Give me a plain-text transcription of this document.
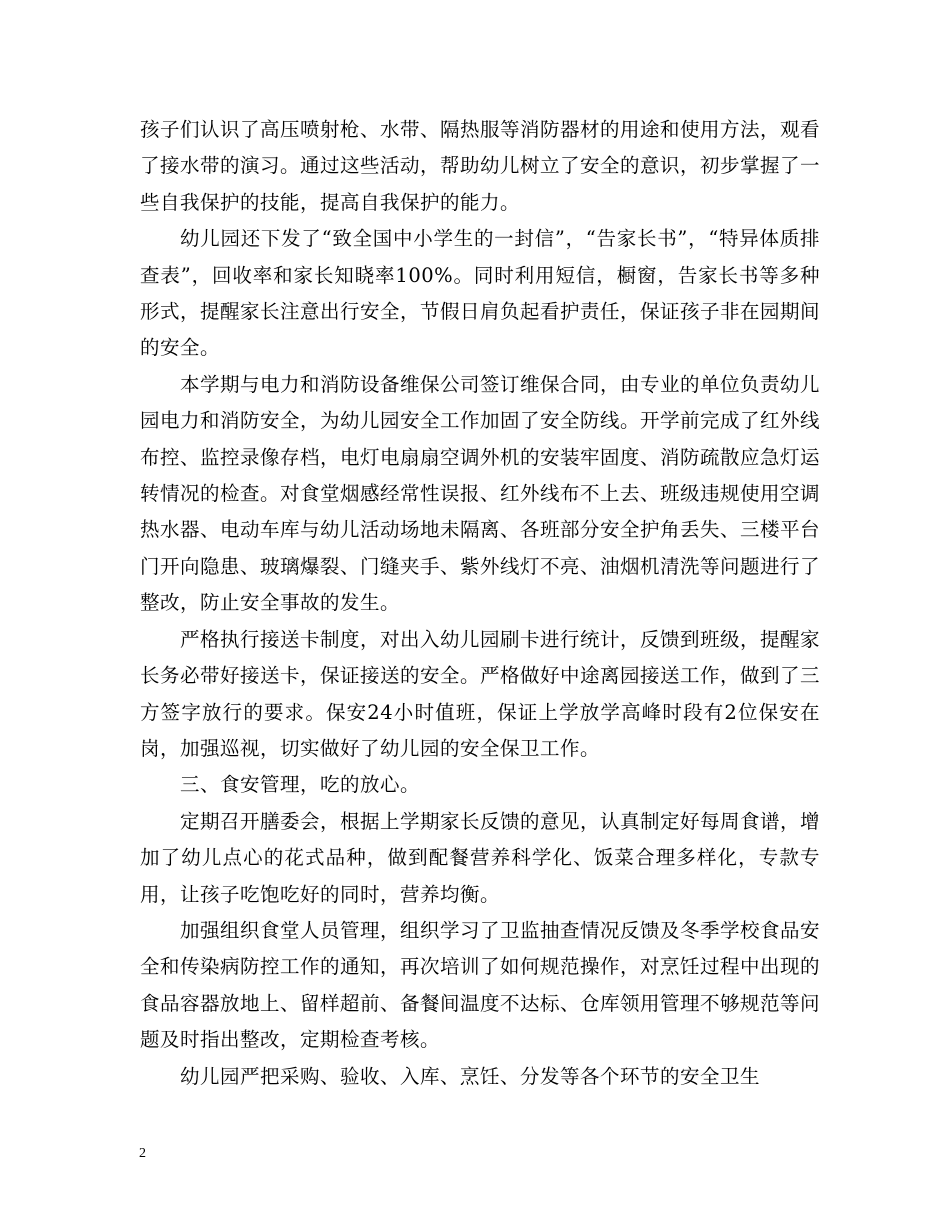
孩子们认识了高压喷射枪、水带、隔热服等消防器材的用途和使用方法，观看了接水带的演习。通过这些活动，帮助幼儿树立了安全的意识，初步掌握了一些自我保护的技能，提高自我保护的能力。

幼儿园还下发了“致全国中小学生的一封信”，“告家长书”，“特异体质排查表”，回收率和家长知晓率100%。同时利用短信，橱窗，告家长书等多种形式，提醒家长注意出行安全，节假日肩负起看护责任，保证孩子非在园期间的安全。

本学期与电力和消防设备维保公司签订维保合同，由专业的单位负责幼儿园电力和消防安全，为幼儿园安全工作加固了安全防线。开学前完成了红外线布控、监控录像存档，电灯电扇扇空调外机的安装牢固度、消防疏散应急灯运转情况的检查。对食堂烟感经常性误报、红外线布不上去、班级违规使用空调热水器、电动车库与幼儿活动场地未隔离、各班部分安全护角丢失、三楼平台门开向隐患、玻璃爆裂、门缝夹手、紫外线灯不亮、油烟机清洗等问题进行了整改，防止安全事故的发生。

严格执行接送卡制度，对出入幼儿园刷卡进行统计，反馈到班级，提醒家长务必带好接送卡，保证接送的安全。严格做好中途离园接送工作，做到了三方签字放行的要求。保安24小时值班，保证上学放学高峰时段有2位保安在岗，加强巡视，切实做好了幼儿园的安全保卫工作。

三、食安管理，吃的放心。

定期召开膳委会，根据上学期家长反馈的意见，认真制定好每周食谱，增加了幼儿点心的花式品种，做到配餐营养科学化、饭菜合理多样化，专款专用，让孩子吃饱吃好的同时，营养均衡。

加强组织食堂人员管理，组织学习了卫监抽查情况反馈及冬季学校食品安全和传染病防控工作的通知，再次培训了如何规范操作，对烹饪过程中出现的食品容器放地上、留样超前、备餐间温度不达标、仓库领用管理不够规范等问题及时指出整改，定期检查考核。

幼儿园严把采购、验收、入库、烹饪、分发等各个环节的安全卫生

2
